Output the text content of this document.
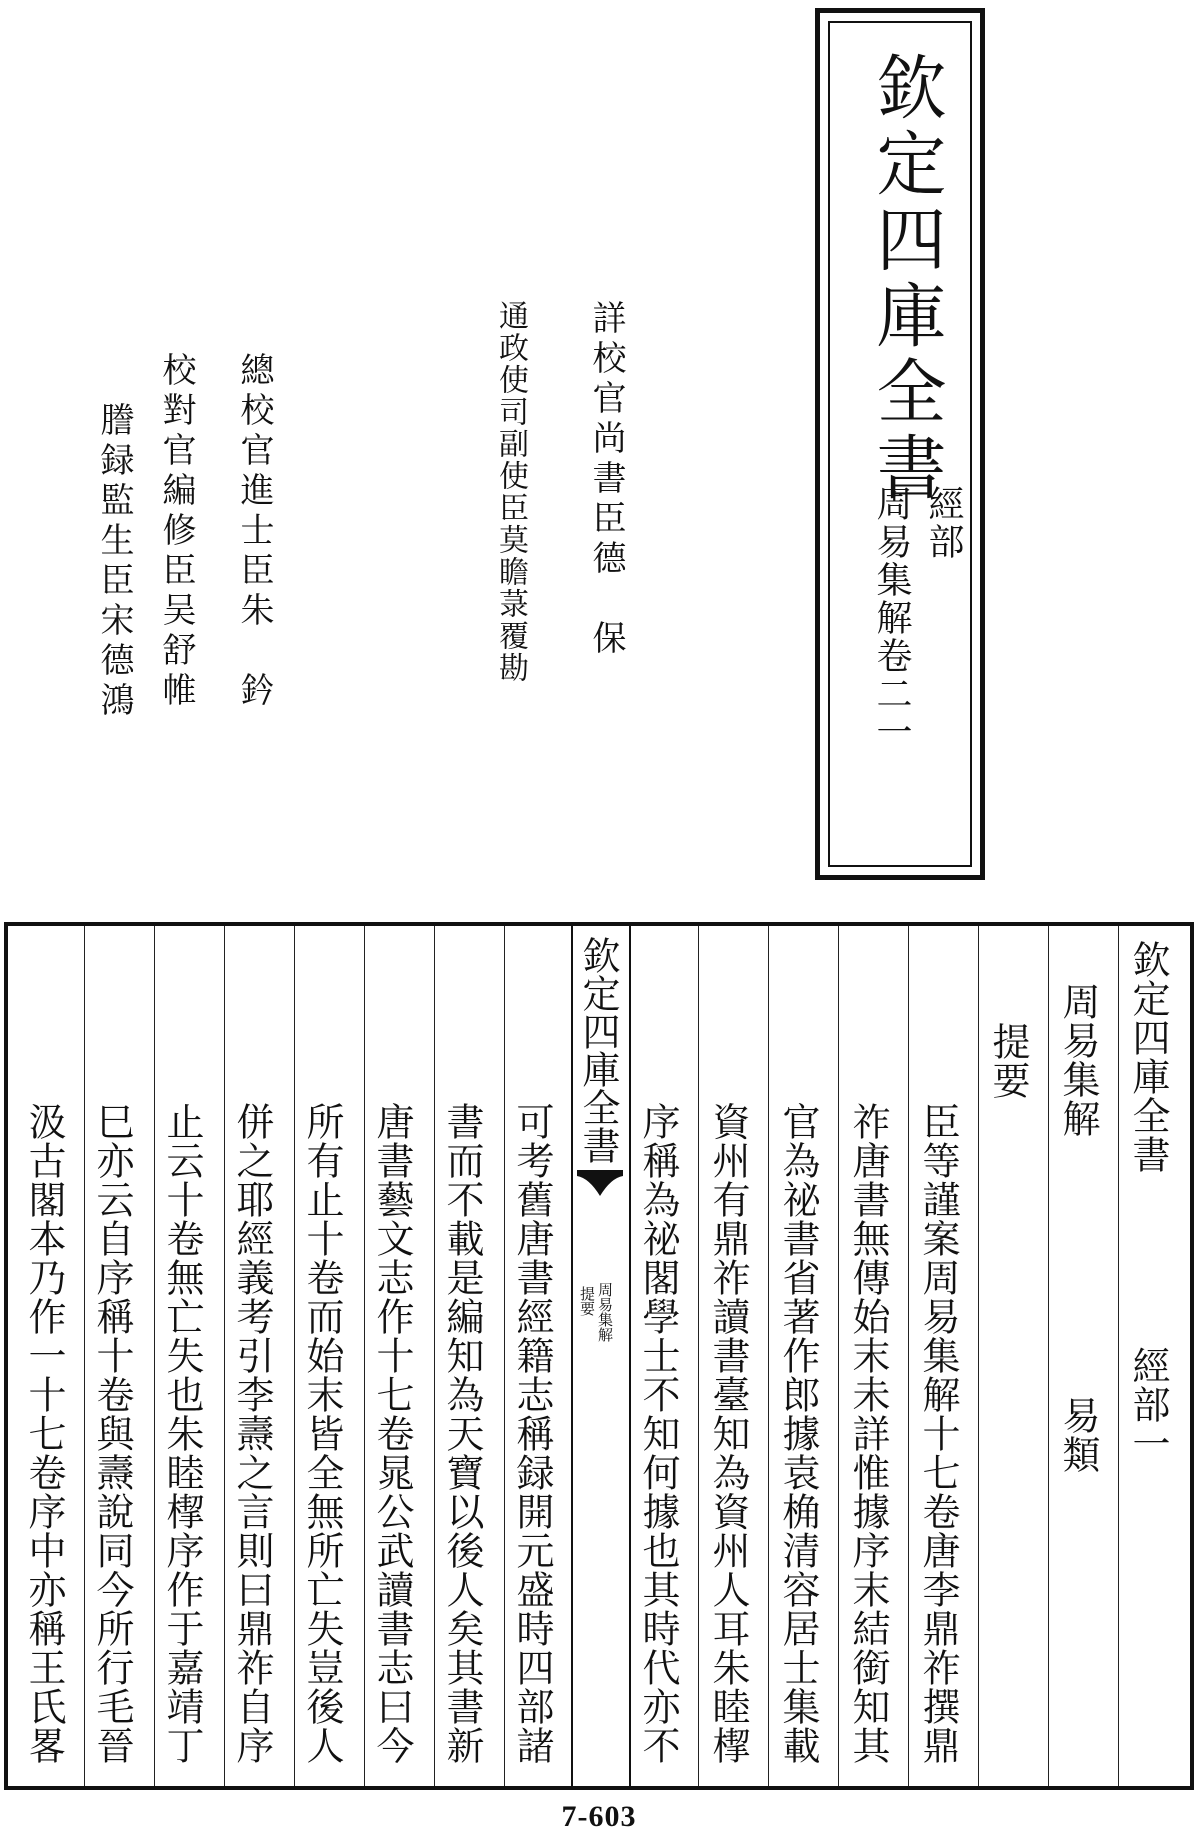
欽定四庫全書
經部
周易集解卷二一
詳校官尚書臣德　保
通政使司副使臣莫瞻菉覆勘
總校官進士臣朱　鈐
校對官編修臣吴舒帷
謄録監生臣宋德鴻
欽定四庫全書
經部一
周易集解
易類
提要
臣等謹案周易集解十七卷唐李鼎祚撰鼎
祚唐書無傳始末未詳惟據序末結銜知其
官為祕書省著作郎據袁桷清容居士集載
資州有鼎祚讀書臺知為資州人耳朱睦㮮
序稱為祕閣學士不知何據也其時代亦不
欽定四庫全書
周易集解
提要
可考舊唐書經籍志稱録開元盛時四部諸
書而不載是編知為天寶以後人矣其書新
唐書藝文志作十七卷晁公武讀書志曰今
所有止十卷而始末皆全無所亡失豈後人
併之耶經義考引李燾之言則曰鼎祚自序
止云十卷無亡失也朱睦㮮序作于嘉靖丁
巳亦云自序稱十卷與燾說同今所行毛晉
汲古閣本乃作一十七卷序中亦稱王氏畧
7-603
